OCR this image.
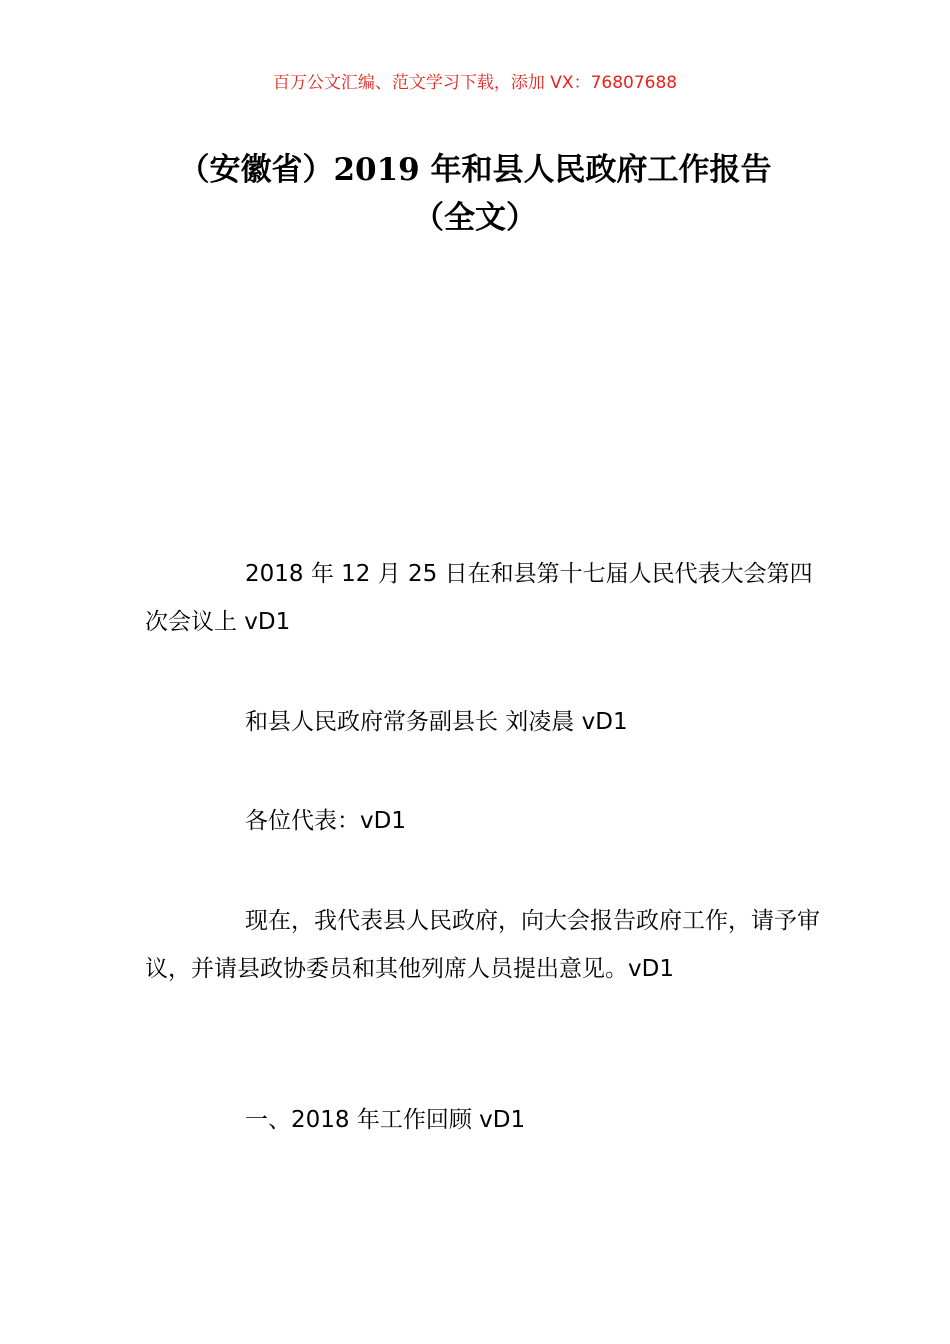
百万公文汇编、范文学习下载，添加 VX：76807688
（安徽省）2019 年和县人民政府工作报告
（全文）

2018 年 12 月 25 日在和县第十七届人民代表大会第四次会议上 vD1

和县人民政府常务副县长 刘凌晨 vD1

各位代表：vD1

现在，我代表县人民政府，向大会报告政府工作，请予审议，并请县政协委员和其他列席人员提出意见。vD1

一、2018 年工作回顾 vD1
